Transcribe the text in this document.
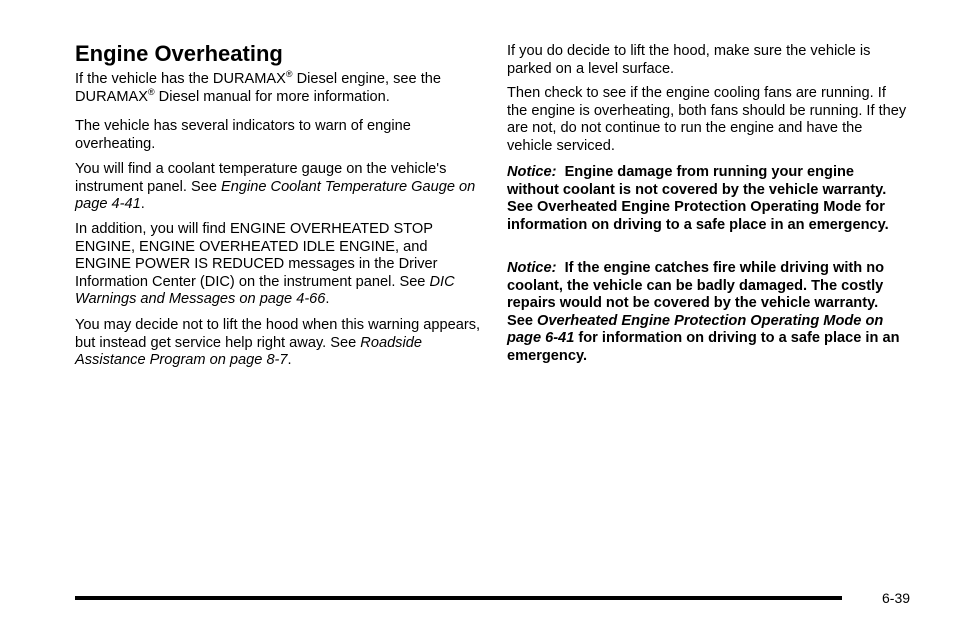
Engine Overheating

If the vehicle has the DURAMAX® Diesel engine, see the DURAMAX® Diesel manual for more information.

The vehicle has several indicators to warn of engine overheating.

You will find a coolant temperature gauge on the vehicle's instrument panel. See Engine Coolant Temperature Gauge on page 4‑41.

In addition, you will find ENGINE OVERHEATED STOP ENGINE, ENGINE OVERHEATED IDLE ENGINE, and ENGINE POWER IS REDUCED messages in the Driver Information Center (DIC) on the instrument panel. See DIC Warnings and Messages on page 4‑66.

You may decide not to lift the hood when this warning appears, but instead get service help right away. See Roadside Assistance Program on page 8‑7.

If you do decide to lift the hood, make sure the vehicle is parked on a level surface.

Then check to see if the engine cooling fans are running. If the engine is overheating, both fans should be running. If they are not, do not continue to run the engine and have the vehicle serviced.

Notice: Engine damage from running your engine without coolant is not covered by the vehicle warranty. See Overheated Engine Protection Operating Mode for information on driving to a safe place in an emergency.

Notice: If the engine catches fire while driving with no coolant, the vehicle can be badly damaged. The costly repairs would not be covered by the vehicle warranty. See Overheated Engine Protection Operating Mode on page 6‑41 for information on driving to a safe place in an emergency.

6-39
